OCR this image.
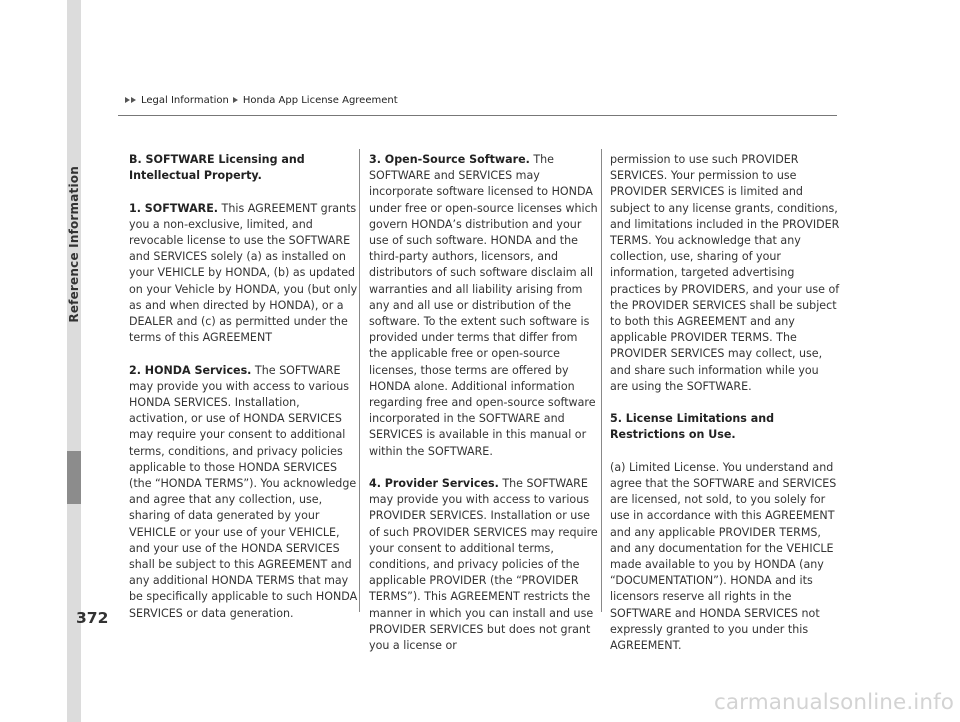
Reference Information
Legal Information Honda App License Agreement

B. SOFTWARE Licensing and Intellectual Property.

1. SOFTWARE. This AGREEMENT grants you a non-exclusive, limited, and revocable license to use the SOFTWARE and SERVICES solely (a) as installed on your VEHICLE by HONDA, (b) as updated on your Vehicle by HONDA, you (but only as and when directed by HONDA), or a DEALER and (c) as permitted under the terms of this AGREEMENT

2. HONDA Services. The SOFTWARE may provide you with access to various HONDA SERVICES. Installation, activation, or use of HONDA SERVICES may require your consent to additional terms, conditions, and privacy policies applicable to those HONDA SERVICES (the “HONDA TERMS”). You acknowledge and agree that any collection, use, sharing of data generated by your VEHICLE or your use of your VEHICLE, and your use of the HONDA SERVICES shall be subject to this AGREEMENT and any additional HONDA TERMS that may be specifically applicable to such HONDA SERVICES or data generation.

3. Open-Source Software. The SOFTWARE and SERVICES may incorporate software licensed to HONDA under free or open-source licenses which govern HONDA’s distribution and your use of such software. HONDA and the third-party authors, licensors, and distributors of such software disclaim all warranties and all liability arising from any and all use or distribution of the software. To the extent such software is provided under terms that differ from the applicable free or open-source licenses, those terms are offered by HONDA alone. Additional information regarding free and open-source software incorporated in the SOFTWARE and SERVICES is available in this manual or within the SOFTWARE.

4. Provider Services. The SOFTWARE may provide you with access to various PROVIDER SERVICES. Installation or use of such PROVIDER SERVICES may require your consent to additional terms, conditions, and privacy policies of the applicable PROVIDER (the “PROVIDER TERMS”). This AGREEMENT restricts the manner in which you can install and use PROVIDER SERVICES but does not grant you a license or

permission to use such PROVIDER SERVICES. Your permission to use PROVIDER SERVICES is limited and subject to any license grants, conditions, and limitations included in the PROVIDER TERMS. You acknowledge that any collection, use, sharing of your information, targeted advertising practices by PROVIDERS, and your use of the PROVIDER SERVICES shall be subject to both this AGREEMENT and any applicable PROVIDER TERMS. The PROVIDER SERVICES may collect, use, and share such information while you are using the SOFTWARE.

5. License Limitations and Restrictions on Use.

(a) Limited License. You understand and agree that the SOFTWARE and SERVICES are licensed, not sold, to you solely for use in accordance with this AGREEMENT and any applicable PROVIDER TERMS, and any documentation for the VEHICLE made available to you by HONDA (any “DOCUMENTATION”). HONDA and its licensors reserve all rights in the SOFTWARE and HONDA SERVICES not expressly granted to you under this AGREEMENT.

372
carmanualsonline.info
